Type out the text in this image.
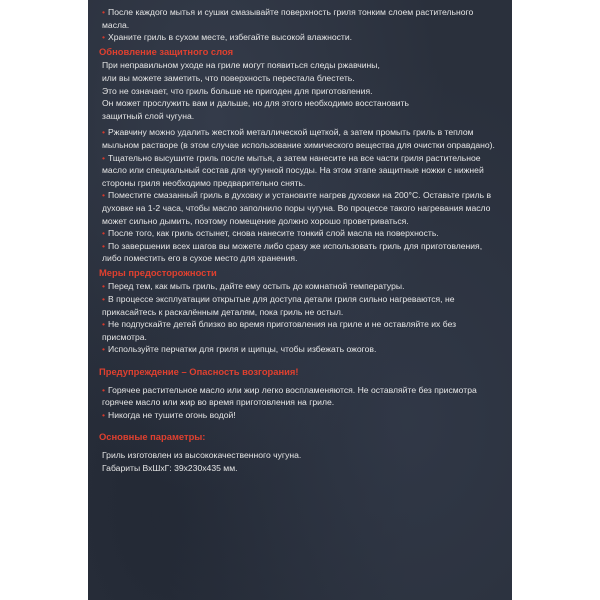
• После каждого мытья и сушки смазывайте поверхность гриля тонким слоем растительного масла.

• Храните гриль в сухом месте, избегайте высокой влажности.

Обновление защитного слоя

При неправильном уходе на гриле могут появиться следы ржавчины,

или вы можете заметить, что поверхность перестала блестеть.

Это не означает, что гриль больше не пригоден для приготовления.

Он может прослужить вам и дальше, но для этого необходимо восстановить

защитный слой чугуна.

• Ржавчину можно удалить жесткой металлической щеткой, а затем промыть гриль в теплом мыльном растворе (в этом случае использование химического вещества для очистки оправдано).

• Тщательно высушите гриль после мытья, а затем нанесите на все части гриля растительное масло или специальный состав для чугунной посуды. На этом этапе защитные ножки с нижней стороны гриля необходимо предварительно снять.

• Поместите смазанный гриль в духовку и установите нагрев духовки на 200°C. Оставьте гриль в духовке на 1-2 часа, чтобы масло заполнило поры чугуна. Во процессе такого нагревания масло может сильно дымить, поэтому помещение должно хорошо проветриваться.

• После того, как гриль остынет, снова нанесите тонкий слой масла на поверхность.

• По завершении всех шагов вы можете либо сразу же использовать гриль для приготовления, либо поместить его в сухое место для хранения.

Меры предосторожности

• Перед тем, как мыть гриль, дайте ему остыть до комнатной температуры.

• В процессе эксплуатации открытые для доступа детали гриля сильно нагреваются, не прикасайтесь к раскалённым деталям, пока гриль не остыл.

• Не подпускайте детей близко во время приготовления на гриле и не оставляйте их без присмотра.

• Используйте перчатки для гриля и щипцы, чтобы избежать ожогов.

Предупреждение – Опасность возгорания!

• Горячее растительное масло или жир легко воспламеняются. Не оставляйте без присмотра горячее масло или жир во время приготовления на гриле.

• Никогда не тушите огонь водой!

Основные параметры:

Гриль изготовлен из высококачественного чугуна.

Габариты ВхШхГ: 39х230х435 мм.
